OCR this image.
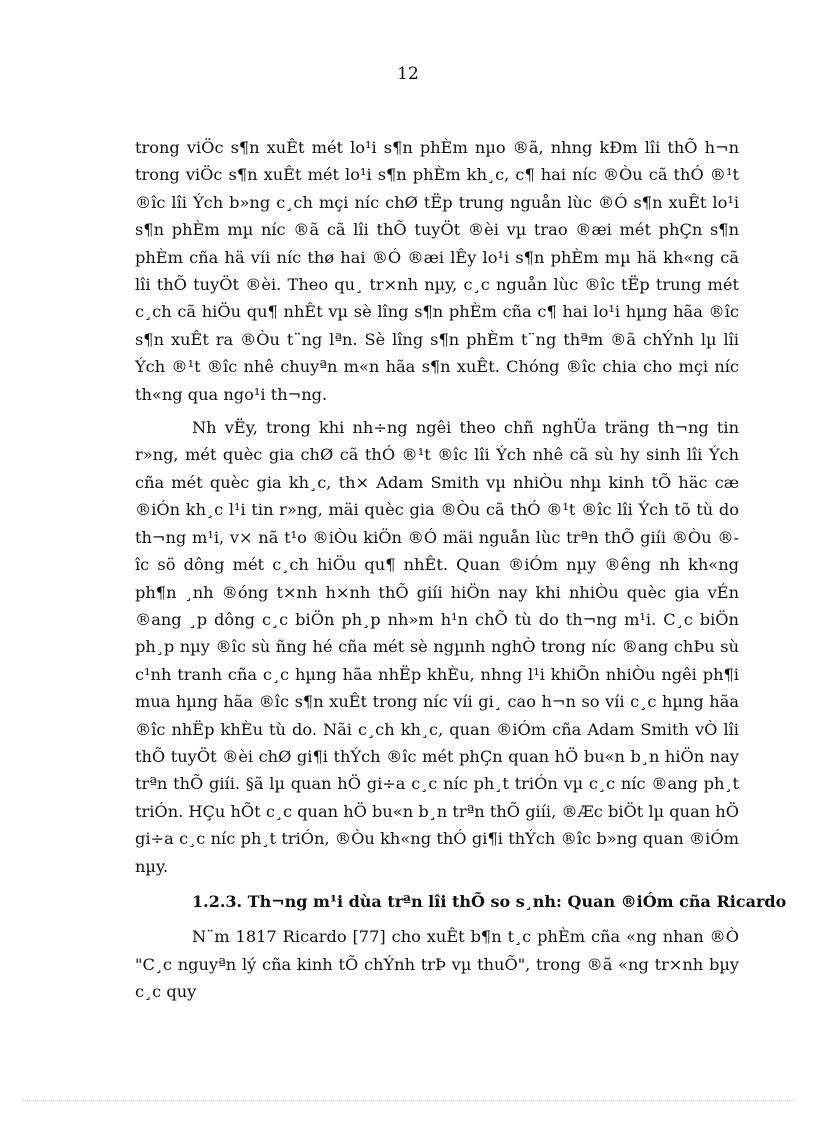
12

trong viÖc s¶n xuÊt mét lo¹i s¶n phÈm nµo ®ã, nhng kÐm lîi thÕ h¬n trong viÖc s¶n xuÊt mét lo¹i s¶n phÈm kh¸c, c¶ hai níc ®Òu cã thÓ ®¹t ®îc lîi Ých b»ng c¸ch mçi níc chØ tËp trung nguån lùc ®Ó s¶n xuÊt lo¹i s¶n phÈm mµ níc ®ã cã lîi thÕ tuyÖt ®èi vµ trao ®æi mét phÇn s¶n phÈm cña hä víi níc thø hai ®Ó ®æi lÊy lo¹i s¶n phÈm mµ hä kh«ng cã lîi thÕ tuyÖt ®èi. Theo qu¸ tr×nh nµy, c¸c nguån lùc ®îc tËp trung mét c¸ch cã hiÖu qu¶ nhÊt vµ sè lîng s¶n phÈm cña c¶ hai lo¹i hµng hãa ®îc s¶n xuÊt ra ®Òu t¨ng lªn. Sè lîng s¶n phÈm t¨ng thªm ®ã chÝnh lµ lîi Ých ®¹t ®îc nhê chuyªn m«n hãa s¶n xuÊt. Chóng ®îc chia cho mçi níc th«ng qua ngo¹i th¬ng.

Nh vËy, trong khi nh÷ng ngêi theo chñ nghÜa träng th¬ng tin r»ng, mét quèc gia chØ cã thÓ ®¹t ®îc lîi Ých nhê cã sù hy sinh lîi Ých cña mét quèc gia kh¸c, th× Adam Smith vµ nhiÒu nhµ kinh tÕ häc cæ ®iÓn kh¸c l¹i tin r»ng, mäi quèc gia ®Òu cã thÓ ®¹t ®îc lîi Ých tõ tù do th¬ng m¹i, v× nã t¹o ®iÒu kiÖn ®Ó mäi nguån lùc trªn thÕ giíi ®Òu ®îc sö dông mét c¸ch hiÖu qu¶ nhÊt. Quan ®iÓm nµy ®êng nh kh«ng ph¶n ¸nh ®óng t×nh h×nh thÕ giíi hiÖn nay khi nhiÒu quèc gia vÉn ®ang ¸p dông c¸c biÖn ph¸p nh»m h¹n chÕ tù do th¬ng m¹i. C¸c biÖn ph¸p nµy ®îc sù ñng hé cña mét sè ngµnh nghÒ trong níc ®ang chÞu sù c¹nh tranh cña c¸c hµng hãa nhËp khÈu, nhng l¹i khiÕn nhiÒu ngêi ph¶i mua hµng hãa ®îc s¶n xuÊt trong níc víi gi¸ cao h¬n so víi c¸c hµng hãa ®îc nhËp khÈu tù do. Nãi c¸ch kh¸c, quan ®iÓm cña Adam Smith vÒ lîi thÕ tuyÖt ®èi chØ gi¶i thÝch ®îc mét phÇn quan hÖ bu«n b¸n hiÖn nay trªn thÕ giíi. §ã lµ quan hÖ gi÷a c¸c níc ph¸t triÓn vµ c¸c níc ®ang ph¸t triÓn. HÇu hÕt c¸c quan hÖ bu«n b¸n trªn thÕ giíi, ®Æc biÖt lµ quan hÖ gi÷a c¸c níc ph¸t triÓn, ®Òu kh«ng thÓ gi¶i thÝch ®îc b»ng quan ®iÓm nµy.

1.2.3. Th¬ng m¹i dùa trªn lîi thÕ so s¸nh: Quan ®iÓm cña Ricardo

N¨m 1817 Ricardo [77] cho xuÊt b¶n t¸c phÈm cña «ng nhan ®Ò "C¸c nguyªn lý cña kinh tÕ chÝnh trÞ vµ thuÕ", trong ®ã «ng tr×nh bµy c¸c quy
